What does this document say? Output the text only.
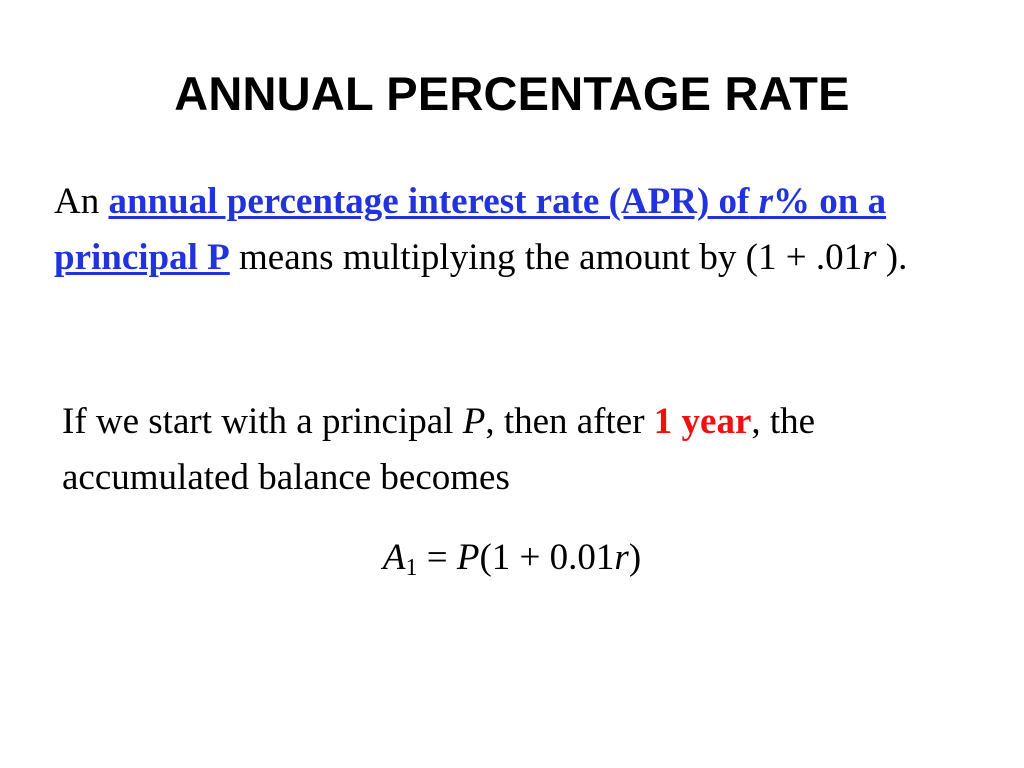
ANNUAL PERCENTAGE RATE

An annual percentage interest rate (APR) of r% on a principal P means multiplying the amount by (1 + .01r ).

If we start with a principal P, then after 1 year, the accumulated balance becomes

$A_1 = P(1 + 0.01r)$
